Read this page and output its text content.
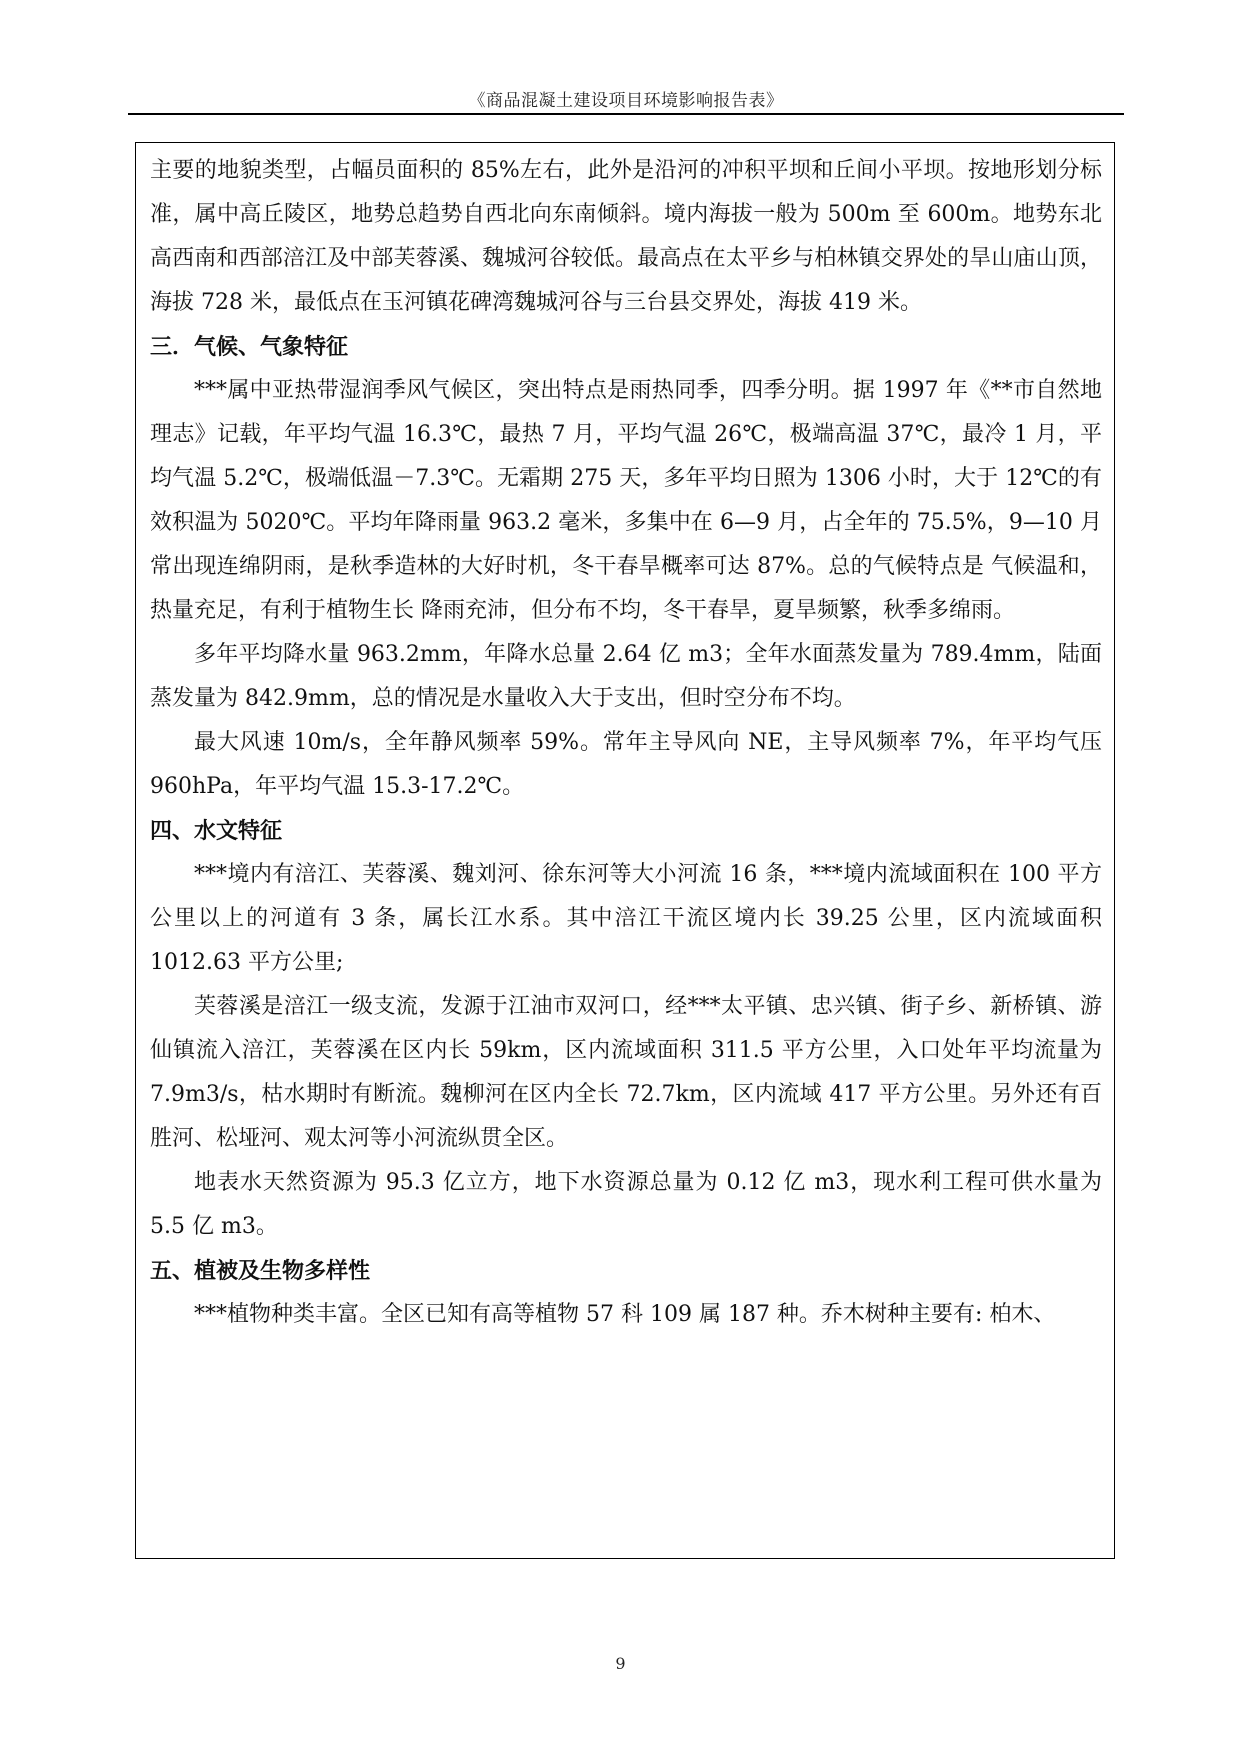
《商品混凝土建设项目环境影响报告表》

主要的地貌类型，占幅员面积的 85%左右，此外是沿河的冲积平坝和丘间小平坝。按地形划分标准，属中高丘陵区，地势总趋势自西北向东南倾斜。境内海拔一般为 500m 至 600m。地势东北高西南和西部涪江及中部芙蓉溪、魏城河谷较低。最高点在太平乡与柏林镇交界处的旱山庙山顶，海拔 728 米，最低点在玉河镇花碑湾魏城河谷与三台县交界处，海拔 419 米。

三．气候、气象特征

***属中亚热带湿润季风气候区，突出特点是雨热同季，四季分明。据 1997 年《**市自然地理志》记载，年平均气温 16.3℃，最热 7 月，平均气温 26℃，极端高温 37℃，最冷 1 月，平均气温 5.2℃，极端低温－7.3℃。无霜期 275 天，多年平均日照为 1306 小时，大于 12℃的有效积温为 5020℃。平均年降雨量 963.2 毫米，多集中在 6—9 月，占全年的 75.5%，9—10 月常出现连绵阴雨，是秋季造林的大好时机，冬干春旱概率可达 87%。总的气候特点是 气候温和，热量充足，有利于植物生长 降雨充沛，但分布不均，冬干春旱，夏旱频繁，秋季多绵雨。

多年平均降水量 963.2mm，年降水总量 2.64 亿 m3；全年水面蒸发量为 789.4mm，陆面蒸发量为 842.9mm，总的情况是水量收入大于支出，但时空分布不均。

最大风速 10m/s，全年静风频率 59%。常年主导风向 NE，主导风频率 7%，年平均气压 960hPa，年平均气温 15.3-17.2℃。

四、水文特征

***境内有涪江、芙蓉溪、魏刘河、徐东河等大小河流 16 条，***境内流域面积在 100 平方公里以上的河道有 3 条，属长江水系。其中涪江干流区境内长 39.25 公里，区内流域面积 1012.63 平方公里;

芙蓉溪是涪江一级支流，发源于江油市双河口，经***太平镇、忠兴镇、街子乡、新桥镇、游仙镇流入涪江，芙蓉溪在区内长 59km，区内流域面积 311.5 平方公里，入口处年平均流量为 7.9m3/s，枯水期时有断流。魏柳河在区内全长 72.7km，区内流域 417 平方公里。另外还有百胜河、松垭河、观太河等小河流纵贯全区。

地表水天然资源为 95.3 亿立方，地下水资源总量为 0.12 亿 m3，现水利工程可供水量为 5.5 亿 m3。

五、植被及生物多样性

***植物种类丰富。全区已知有高等植物 57 科 109 属 187 种。乔木树种主要有: 柏木、

9
